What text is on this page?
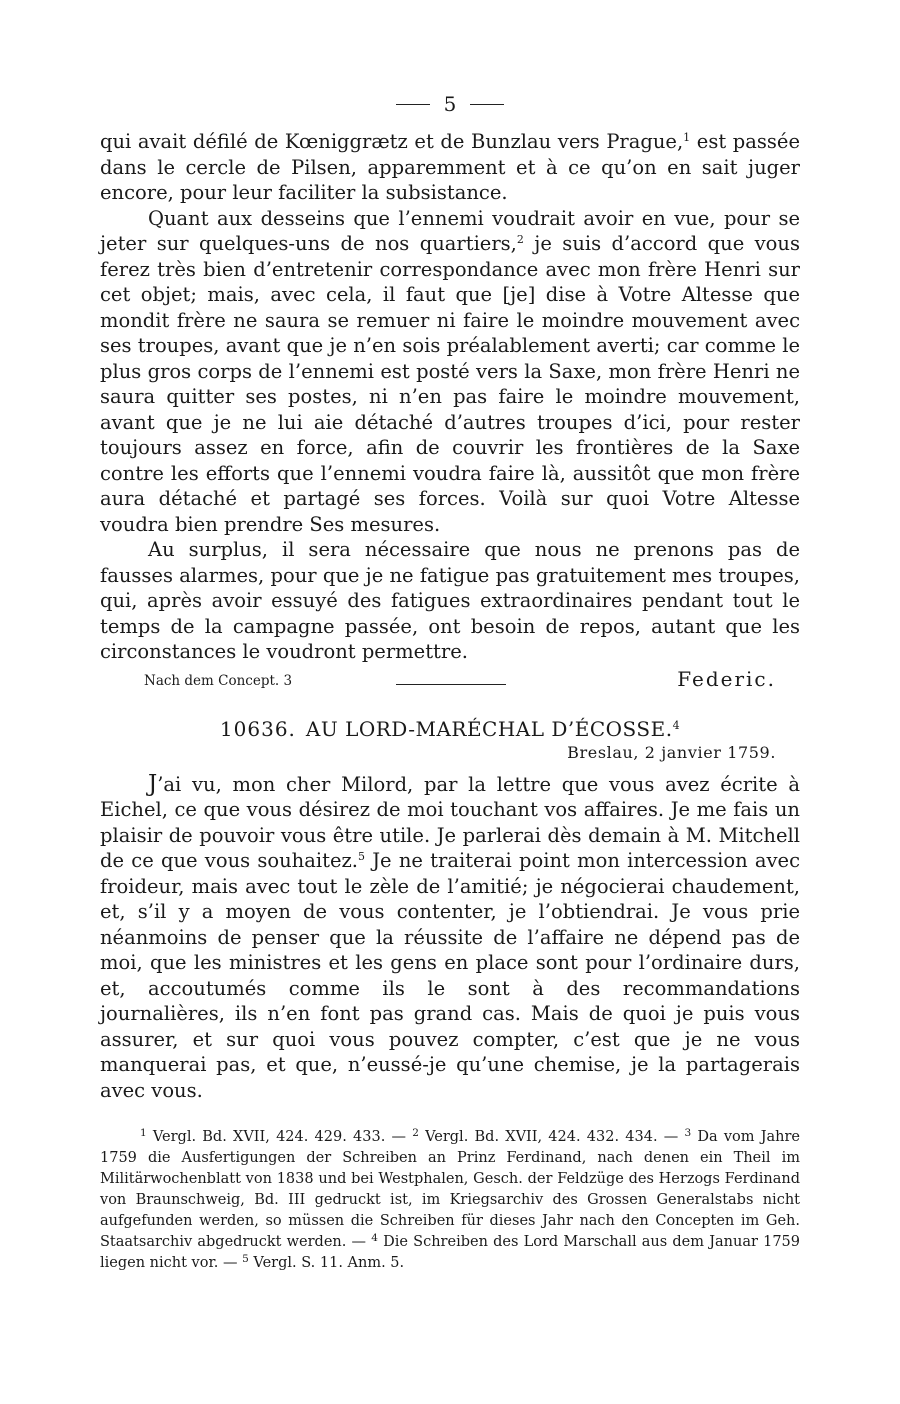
5

qui avait défilé de Kœniggrætz et de Bunzlau vers Prague,$^1$ est passée dans le cercle de Pilsen, apparemment et à ce qu’on en sait juger encore, pour leur faciliter la subsistance.

Quant aux desseins que l’ennemi voudrait avoir en vue, pour se jeter sur quelques-uns de nos quartiers,$^2$ je suis d’accord que vous ferez très bien d’entretenir correspondance avec mon frère Henri sur cet objet; mais, avec cela, il faut que [je] dise à Votre Altesse que mondit frère ne saura se remuer ni faire le moindre mouvement avec ses troupes, avant que je n’en sois préalablement averti; car comme le plus gros corps de l’ennemi est posté vers la Saxe, mon frère Henri ne saura quitter ses postes, ni n’en pas faire le moindre mouvement, avant que je ne lui aie détaché d’autres troupes d’ici, pour rester toujours assez en force, afin de couvrir les frontières de la Saxe contre les efforts que l’ennemi voudra faire là, aussitôt que mon frère aura détaché et partagé ses forces. Voilà sur quoi Votre Altesse voudra bien prendre Ses mesures.

Au surplus, il sera nécessaire que nous ne prenons pas de fausses alarmes, pour que je ne fatigue pas gratuitement mes troupes, qui, après avoir essuyé des fatigues extraordinaires pendant tout le temps de la campagne passée, ont besoin de repos, autant que les circonstances le voudront permettre.

Nach dem Concept. 3	Federic.
10636. AU LORD-MARÉCHAL D’ÉCOSSE.$^4$
Breslau, 2 janvier 1759.

J’ai vu, mon cher Milord, par la lettre que vous avez écrite à Eichel, ce que vous désirez de moi touchant vos affaires. Je me fais un plaisir de pouvoir vous être utile. Je parlerai dès demain à M. Mitchell de ce que vous souhaitez.$^5$ Je ne traiterai point mon intercession avec froideur, mais avec tout le zèle de l’amitié; je négocierai chaudement, et, s’il y a moyen de vous contenter, je l’obtiendrai. Je vous prie néanmoins de penser que la réussite de l’affaire ne dépend pas de moi, que les ministres et les gens en place sont pour l’ordinaire durs, et, accoutumés comme ils le sont à des recommandations journalières, ils n’en font pas grand cas. Mais de quoi je puis vous assurer, et sur quoi vous pouvez compter, c’est que je ne vous manquerai pas, et que, n’eussé-je qu’une chemise, je la partagerais avec vous.

$^1$ Vergl. Bd. XVII, 424. 429. 433. — $^2$ Vergl. Bd. XVII, 424. 432. 434. — $^3$ Da vom Jahre 1759 die Ausfertigungen der Schreiben an Prinz Ferdinand, nach denen ein Theil im Militärwochenblatt von 1838 und bei Westphalen, Gesch. der Feldzüge des Herzogs Ferdinand von Braunschweig, Bd. III gedruckt ist, im Kriegsarchiv des Grossen Generalstabs nicht aufgefunden werden, so müssen die Schreiben für dieses Jahr nach den Concepten im Geh. Staatsarchiv abgedruckt werden. — $^4$ Die Schreiben des Lord Marschall aus dem Januar 1759 liegen nicht vor. — $^5$ Vergl. S. 11. Anm. 5.
